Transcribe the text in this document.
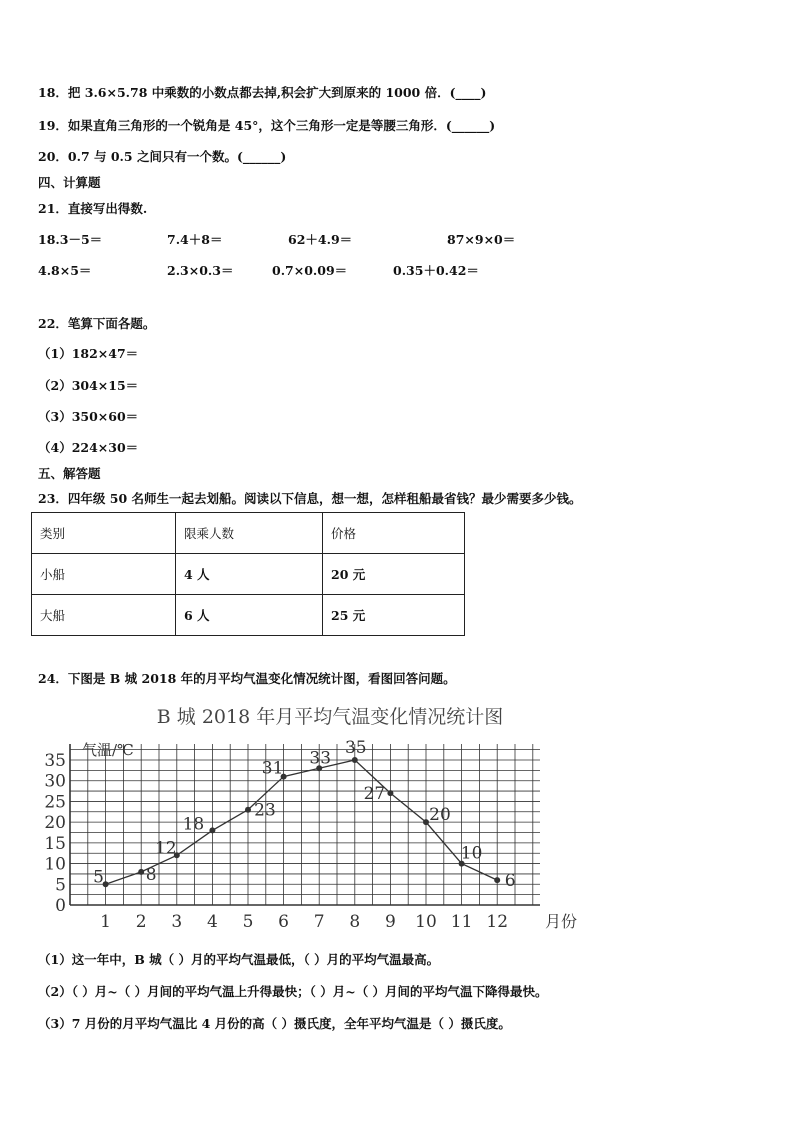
18．把 3.6×5.78 中乘数的小数点都去掉,积会扩大到原来的 1000 倍．(____)
19．如果直角三角形的一个锐角是 45°，这个三角形一定是等腰三角形．(______)
20．0.7 与 0.5 之间只有一个数。(______)
四、计算题
21．直接写出得数.
18.3－5＝	7.4＋8＝	62＋4.9＝	87×9×0＝
4.8×5＝	2.3×0.3＝	0.7×0.09＝	0.35＋0.42＝
22．笔算下面各题。
（1）182×47＝
（2）304×15＝
（3）350×60＝
（4）224×30＝
五、解答题
23．四年级 50 名师生一起去划船。阅读以下信息，想一想，怎样租船最省钱？最少需要多少钱。
类别	限乘人数	价格
小船	4 人	20 元
大船	6 人	25 元
24．下图是 B 城 2018 年的月平均气温变化情况统计图，看图回答问题。
B 城 2018 年月平均气温变化情况统计图
0
5
10
15
20
25
30
35
气温/℃
1 2 3 4 5 6 7 8 9 10 11 12 月份
5 8
12
18
23
31
33
35
27
20
10
6
（1）这一年中，B 城（ ）月的平均气温最低，（ ）月的平均气温最高。
（2）（ ）月~（ ）月间的平均气温上升得最快；（ ）月~（ ）月间的平均气温下降得最快。
（3）7 月份的月平均气温比 4 月份的高（ ）摄氏度，全年平均气温是（ ）摄氏度。
